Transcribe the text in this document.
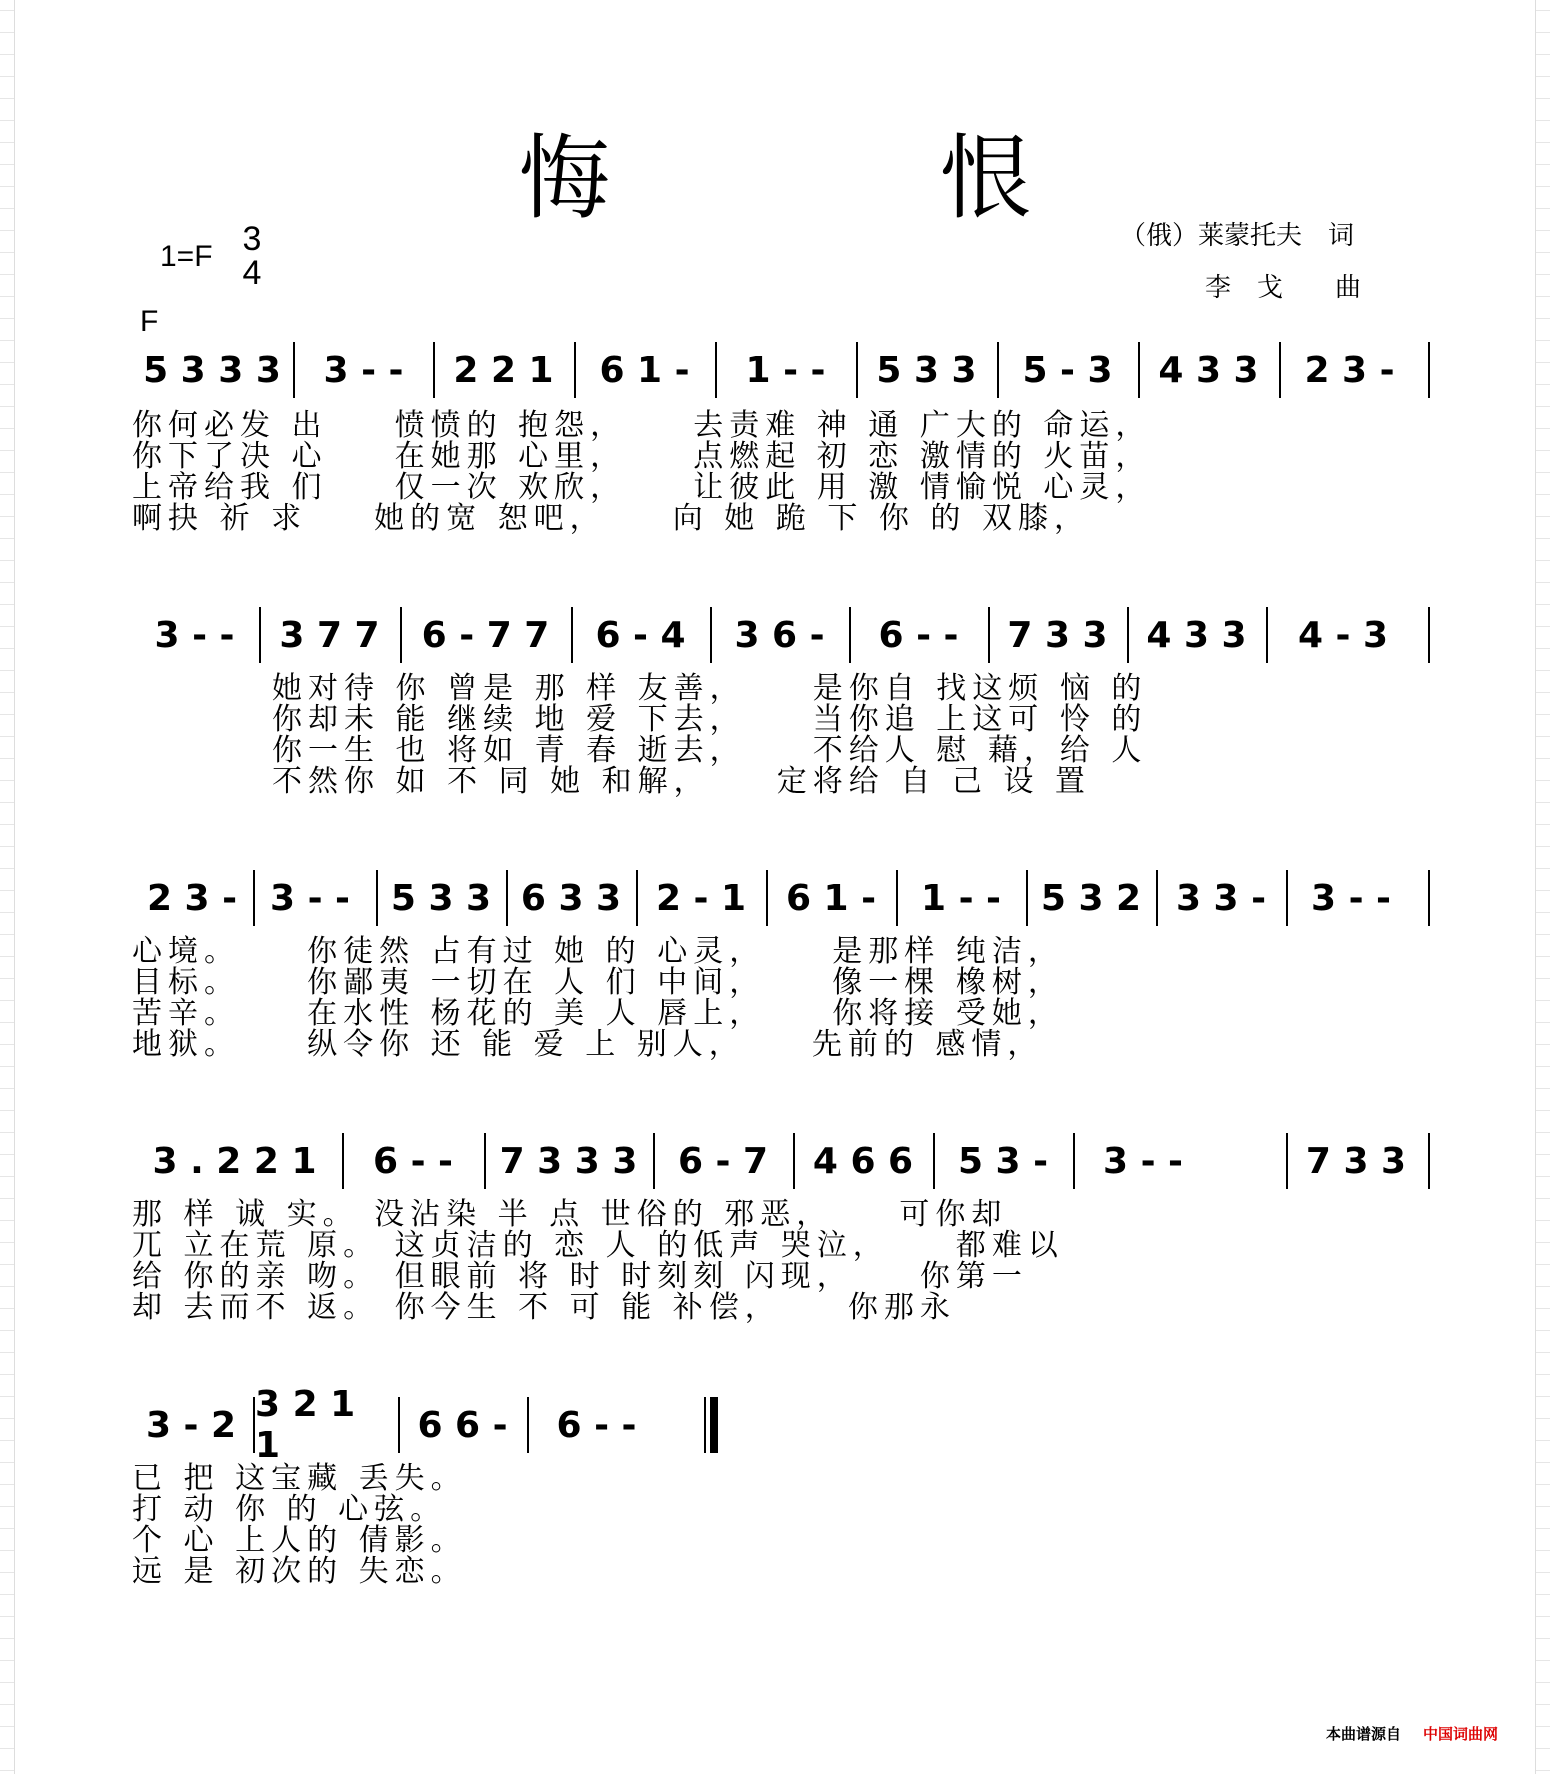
悔 恨
1=F 3
4
（俄）莱蒙托夫　词
李　戈　　曲
F
5 3 3 3	3 - -	2 2 1	6 1 -	1 - -	5 3 3	5 - 3	4 3 3	2 3 -
你何必发 出 　 愤愤的 抱怨， 　 去责难 神 通 广大的 命运，
你下了决 心 　 在她那 心里， 　 点燃起 初 恋 激情的 火苗，
上帝给我 们 　 仅一次 欢欣， 　 让彼此 用 激 情愉悦 心灵，
啊抉 祈 求 　 她的宽 恕吧， 　 向 她 跪 下 你 的 双膝，
3 - -	3 7 7	6 - 7 7	6 - 4	3 6 -	6 - -	7 3 3	4 3 3	4 - 3
她对待 你 曾是 那 样 友善， 　 是你自 找这烦 恼 的
你却未 能 继续 地 爱 下去， 　 当你追 上这可 怜 的
你一生 也 将如 青 春 逝去， 　 不给人 慰 藉，给 人
不然你 如 不 同 她 和解， 　 定将给 自 己 设 置
2 3 - 3 - -	5 3 3 6 3 3 2 - 1	6 1 -	1 - -	5 3 2 3 3 -	3 - -
心境。 　 你徒然 占有过 她 的 心灵， 　 是那样 纯洁，
目标。 　 你鄙夷 一切在 人 们 中间， 　 像一棵 橡树，
苦辛。 　 在水性 杨花的 美 人 唇上， 　 你将接 受她，
地狱。 　 纵令你 还 能 爱 上 别人， 　 先前的 感情，
3 . 2 2 1	6 - -	7 3 3 3	6 - 7	4 6 6	5 3 -	3 - -	7 3 3
那 样 诚 实。 没沾染 半 点 世俗的 邪恶， 　 可你却
兀 立在荒 原。 这贞洁的 恋 人 的低声 哭泣， 　 都难以
给 你的亲 吻。 但眼前 将 时 时刻刻 闪现， 　 你第一
却 去而不 返。 你今生 不 可 能 补偿， 　 你那永
3 - 2 3 2 1 1	6 6 -	6 - -
已 把 这宝藏 丢失。
打 动 你 的 心弦。
个 心 上人的 倩影。
远 是 初次的 失恋。
本曲谱源自 中国词曲网
